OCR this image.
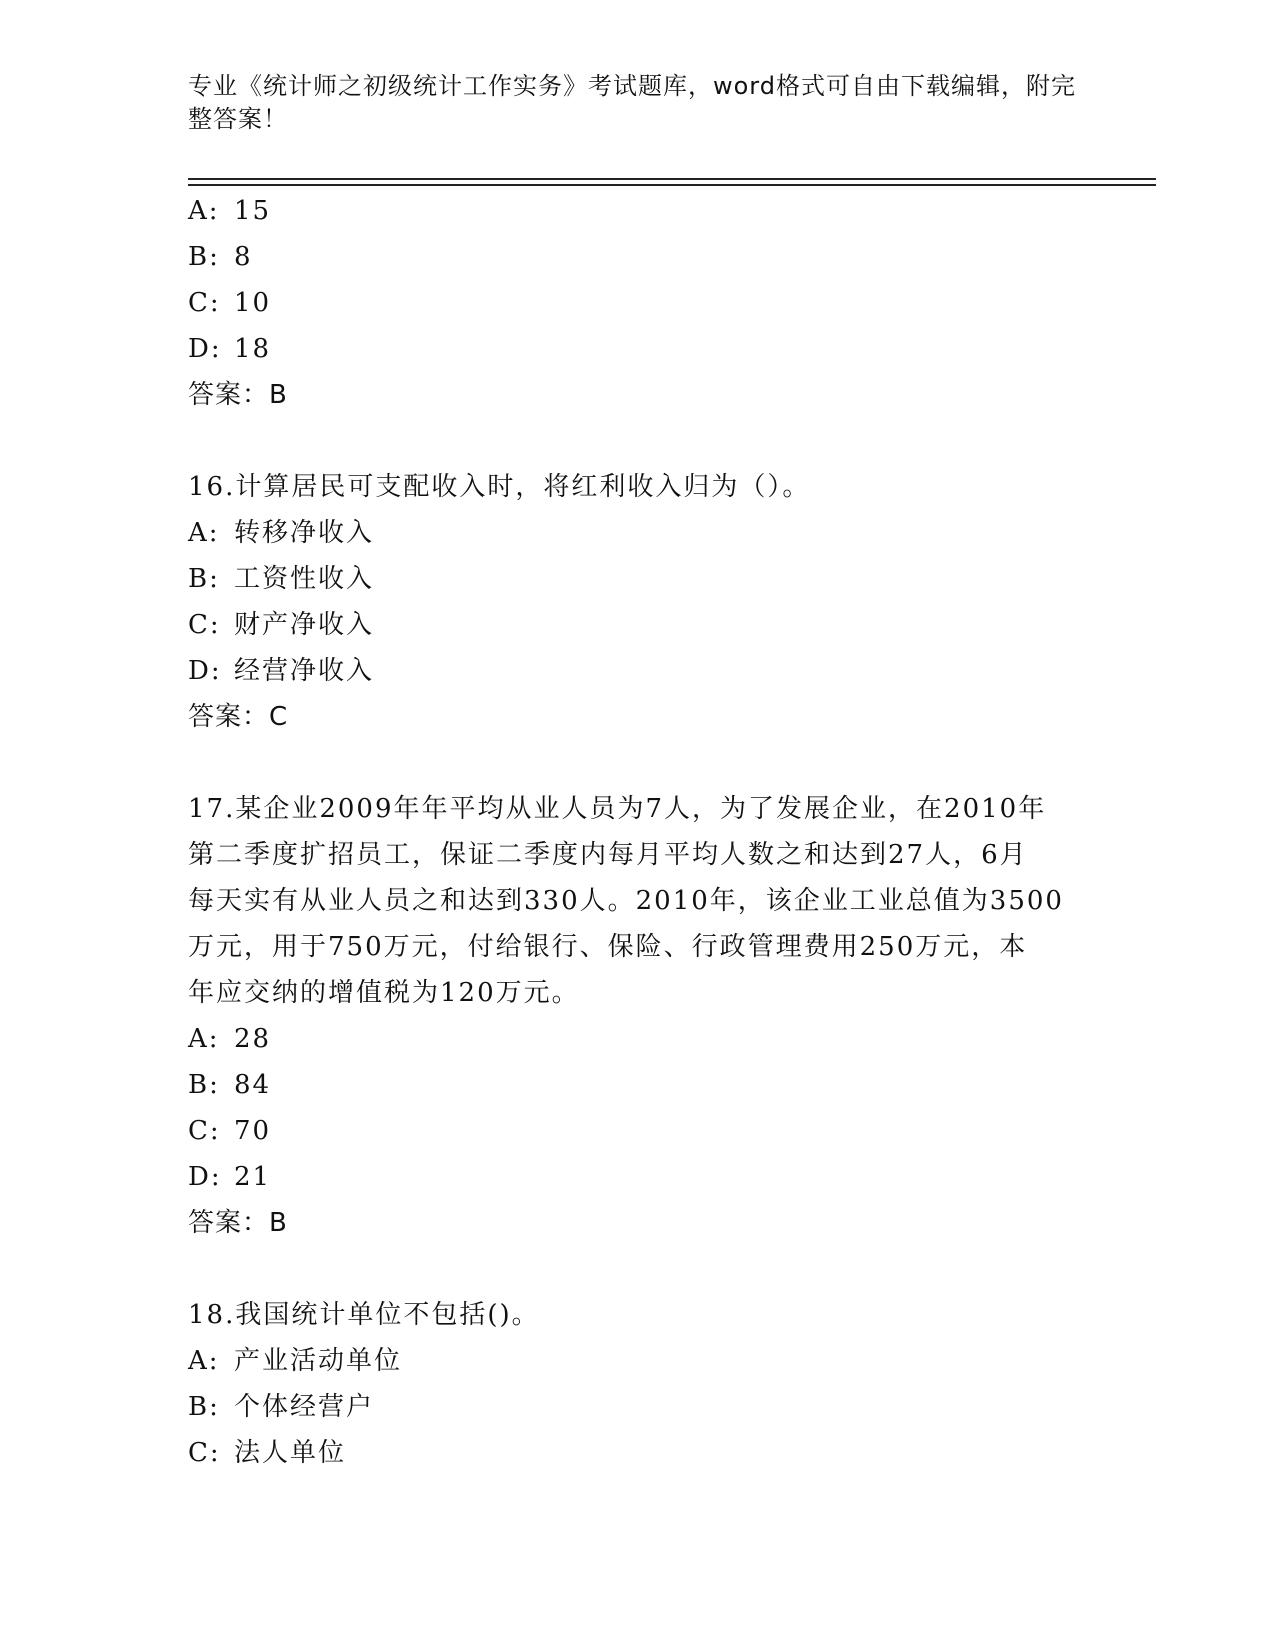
专业《统计师之初级统计工作实务》考试题库，word格式可自由下载编辑，附完
整答案！
A: 15
B: 8
C: 10
D: 18
答案：B
16.计算居民可支配收入时，将红利收入归为（）。
A: 转移净收入
B: 工资性收入
C: 财产净收入
D: 经营净收入
答案：C
17.某企业2009年年平均从业人员为7人，为了发展企业，在2010年
第二季度扩招员工，保证二季度内每月平均人数之和达到27人，6月
每天实有从业人员之和达到330人。2010年，该企业工业总值为3500
万元，用于750万元，付给银行、保险、行政管理费用250万元，本
年应交纳的增值税为120万元。
A: 28
B: 84
C: 70
D: 21
答案：B
18.我国统计单位不包括()。
A: 产业活动单位
B: 个体经营户
C: 法人单位
